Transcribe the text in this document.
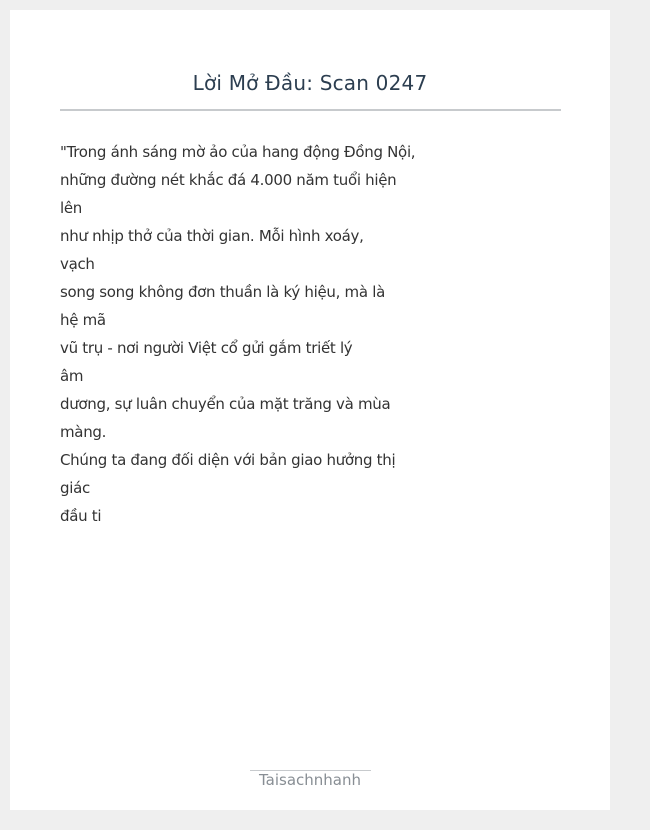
Lời Mở Đầu: Scan 0247
"Trong ánh sáng mờ ảo của hang động Đồng Nội,
những đường nét khắc đá 4.000 năm tuổi hiện
lên
như nhịp thở của thời gian. Mỗi hình xoáy,
vạch
song song không đơn thuần là ký hiệu, mà là
hệ mã
vũ trụ - nơi người Việt cổ gửi gắm triết lý
âm
dương, sự luân chuyển của mặt trăng và mùa
màng.
Chúng ta đang đối diện với bản giao hưởng thị
giác
đầu ti
Taisachnhanh
